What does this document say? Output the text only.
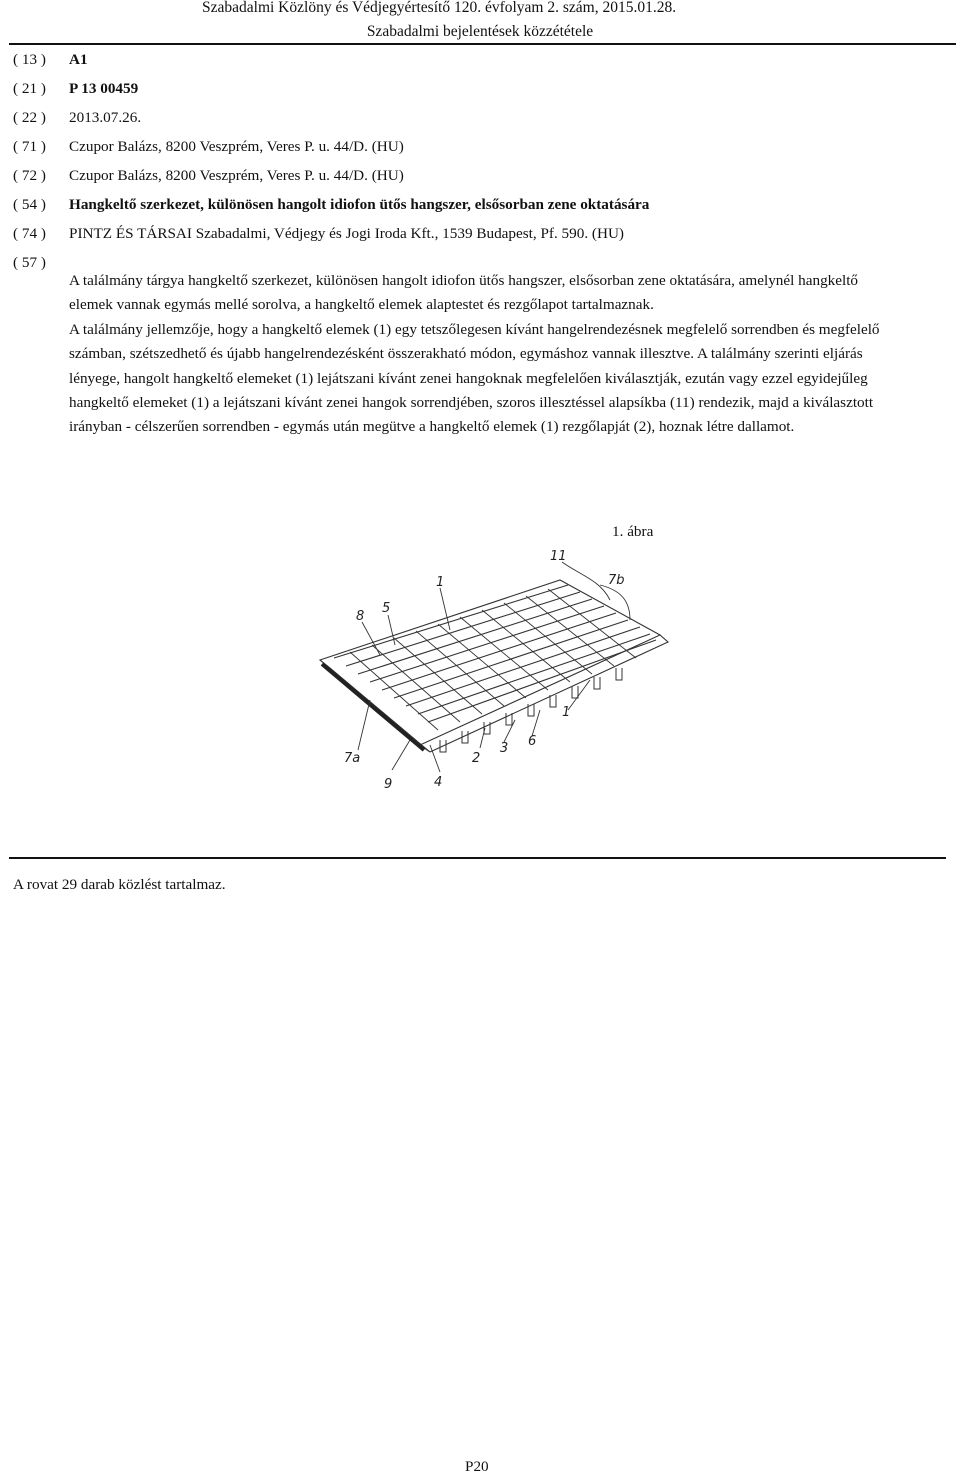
Szabadalmi Közlöny és Védjegyértesítő 120. évfolyam 2. szám, 2015.01.28.
Szabadalmi bejelentések közzététele
( 13 )	A1
( 21 )	P 13 00459
( 22 )	2013.07.26.
( 71 )	Czupor Balázs, 8200 Veszprém, Veres P. u. 44/D. (HU)
( 72 )	Czupor Balázs, 8200 Veszprém, Veres P. u. 44/D. (HU)
( 54 )	Hangkeltő szerkezet, különösen hangolt idiofon ütős hangszer, elsősorban zene oktatására
( 74 )	PINTZ ÉS TÁRSAI Szabadalmi, Védjegy és Jogi Iroda Kft., 1539 Budapest, Pf. 590. (HU)
( 57 )

A találmány tárgya hangkeltő szerkezet, különösen hangolt idiofon ütős hangszer, elsősorban zene oktatására, amelynél hangkeltő elemek vannak egymás mellé sorolva, a hangkeltő elemek alaptestet és rezgőlapot tartalmaznak.

A találmány jellemzője, hogy a hangkeltő elemek (1) egy tetszőlegesen kívánt hangelrendezésnek megfelelő sorrendben és megfelelő számban, szétszedhető és újabb hangelrendezésként összerakható módon, egymáshoz vannak illesztve. A találmány szerinti eljárás lényege, hangolt hangkeltő elemeket (1) lejátszani kívánt zenei hangoknak megfelelően kiválasztják, ezután vagy ezzel egyidejűleg hangkeltő elemeket (1) a lejátszani kívánt zenei hangok sorrendjében, szoros illesztéssel alapsíkba (11) rendezik, majd a kiválasztott irányban - célszerűen sorrendben - egymás után megütve a hangkeltő elemek (1) rezgőlapját (2), hoznak létre dallamot.

1. ábra
11
1	7b
8
5
1
6
3
2
7a
9	4
A rovat 29 darab közlést tartalmaz.
P20
